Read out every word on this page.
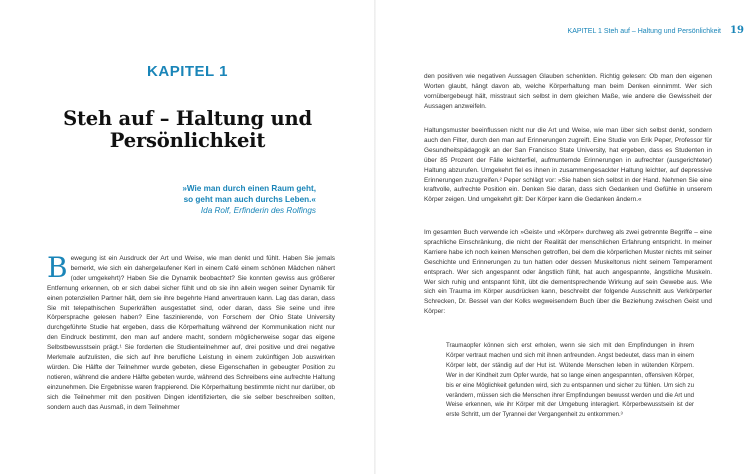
KAPITEL 1
Steh auf – Haltung und
Persönlichkeit
»Wie man durch einen Raum geht,
so geht man auch durchs Leben.«
Ida Rolf, Erfinderin des Rolfings
B ewegung ist ein Ausdruck der Art und Weise, wie man denkt und fühlt. Haben Sie jemals bemerkt, wie sich ein dahergelaufener Kerl in einem Café einem schönen Mädchen nähert (oder umgekehrt)? Haben Sie die Dynamik beobachtet? Sie konnten gewiss aus größerer Entfernung erkennen, ob er sich dabei sicher fühlt und ob sie ihn allein wegen seiner Dynamik für einen potenziellen Partner hält, dem sie ihre begehrte Hand anvertrauen kann. Lag das daran, dass Sie mit telepathischen Superkräften ausgestattet sind, oder daran, dass Sie seine und ihre Körpersprache gelesen haben? Eine faszinierende, von Forschern der Ohio State University durchgeführte Studie hat ergeben, dass die Körperhaltung während der Kommunikation nicht nur den Eindruck bestimmt, den man auf andere macht, sondern möglicherweise sogar das eigene Selbstbewusstsein prägt.¹ Sie forderten die Studienteilnehmer auf, drei positive und drei negative Merkmale aufzulisten, die sich auf ihre berufliche Leistung in einem zukünftigen Job auswirken würden. Die Hälfte der Teilnehmer wurde gebeten, diese Eigenschaften in gebeugter Position zu notieren, während die andere Hälfte gebeten wurde, während des Schreibens eine aufrechte Haltung einzunehmen. Die Ergebnisse waren frappierend. Die Körperhaltung bestimmte nicht nur darüber, ob sich die Teilnehmer mit den positiven Dingen identifizierten, die sie selber beschreiben sollten, sondern auch das Ausmaß, in dem Teilnehmer

KAPITEL 1 Steh auf – Haltung und Persönlichkeit 19

den positiven wie negativen Aussagen Glauben schenkten. Richtig gelesen: Ob man den eigenen Worten glaubt, hängt davon ab, welche Körperhaltung man beim Denken einnimmt. Wer sich vornübergebeugt hält, misstraut sich selbst in dem gleichen Maße, wie andere die Gewissheit der Aussagen anzweifeln.

Haltungsmuster beeinflussen nicht nur die Art und Weise, wie man über sich selbst denkt, sondern auch den Filter, durch den man auf Erinnerungen zugreift. Eine Studie von Erik Peper, Professor für Gesundheitspädagogik an der San Francisco State University, hat ergeben, dass es Studenten in über 85 Prozent der Fälle leichterfiel, aufmunternde Erinnerungen in aufrechter (ausgerichteter) Haltung abzurufen. Umgekehrt fiel es ihnen in zusammengesackter Haltung leichter, auf depressive Erinnerungen zuzugreifen.² Peper schlägt vor: »Sie haben sich selbst in der Hand. Nehmen Sie eine kraftvolle, aufrechte Position ein. Denken Sie daran, dass sich Gedanken und Gefühle in unserem Körper zeigen. Und umgekehrt gilt: Der Körper kann die Gedanken ändern.«

Im gesamten Buch verwende ich »Geist« und »Körper« durchweg als zwei getrennte Begriffe – eine sprachliche Einschränkung, die nicht der Realität der menschlichen Erfahrung entspricht. In meiner Karriere habe ich noch keinen Menschen getroffen, bei dem die körperlichen Muster nichts mit seiner Geschichte und Erinnerungen zu tun hatten oder dessen Muskeltonus nicht seinem Temperament entsprach. Wer sich angespannt oder ängstlich fühlt, hat auch angespannte, ängstliche Muskeln. Wer sich ruhig und entspannt fühlt, übt die dementsprechende Wirkung auf sein Gewebe aus. Wie sich ein Trauma im Körper ausdrücken kann, beschreibt der folgende Ausschnitt aus Verkörperter Schrecken, Dr. Bessel van der Kolks wegweisendem Buch über die Beziehung zwischen Geist und Körper:

Traumaopfer können sich erst erholen, wenn sie sich mit den Empfindungen in ihrem Körper vertraut machen und sich mit ihnen anfreunden. Angst bedeutet, dass man in einem Körper lebt, der ständig auf der Hut ist. Wütende Menschen leben in wütenden Körpern. Wer in der Kindheit zum Opfer wurde, hat so lange einen angespannten, offensiven Körper, bis er eine Möglichkeit gefunden wird, sich zu entspannen und sicher zu fühlen. Um sich zu verändern, müssen sich die Menschen ihrer Empfindungen bewusst werden und die Art und Weise erkennen, wie ihr Körper mit der Umgebung interagiert. Körperbewusstsein ist der erste Schritt, um der Tyrannei der Vergangenheit zu entkommen.³
